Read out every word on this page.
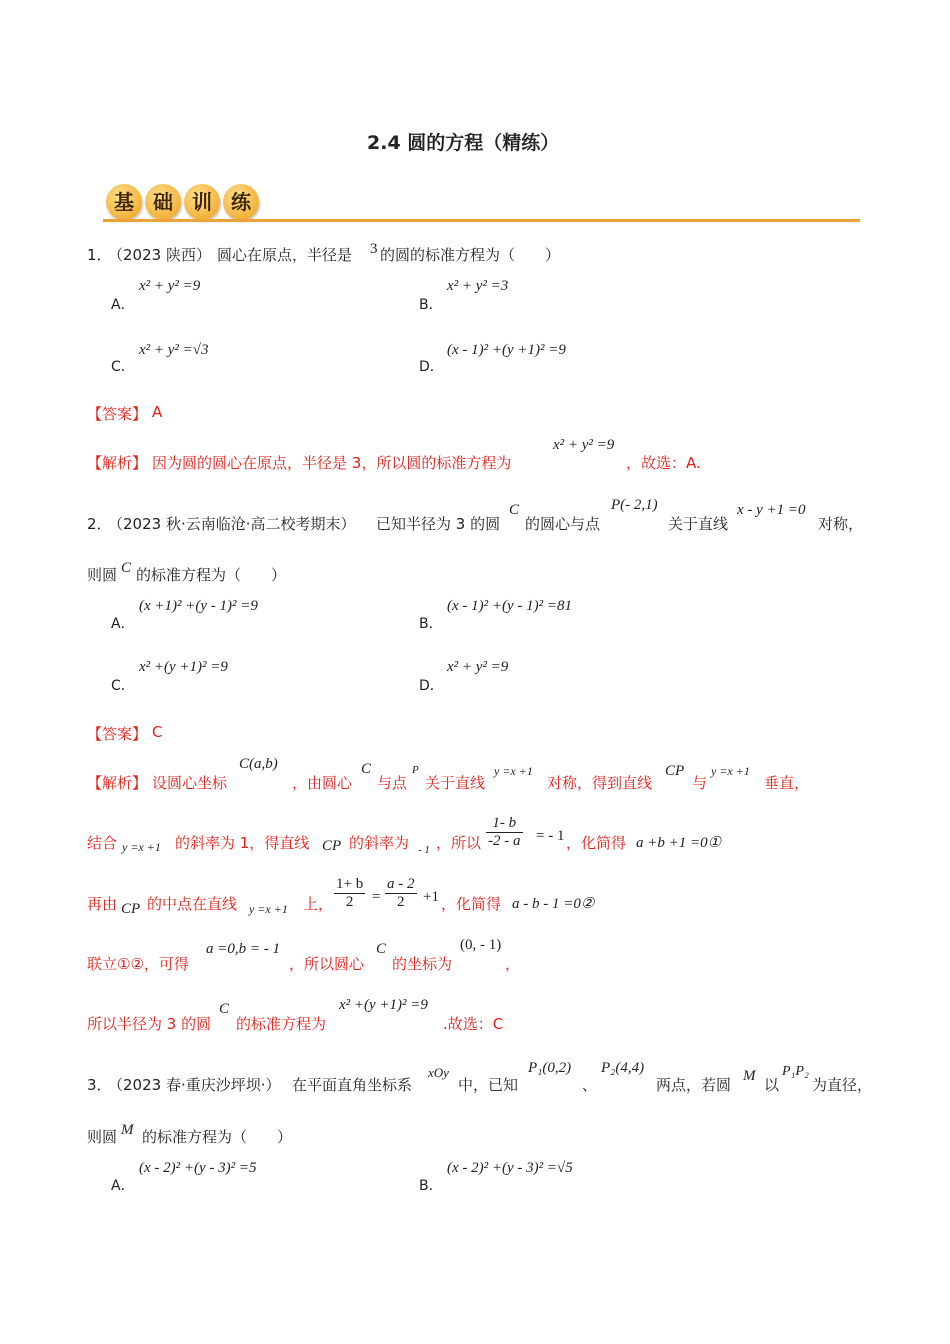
2.4 圆的方程（精练）
基 础 训 练
1．
（2023 陕西） 圆心在原点，半径是 3 的圆的标准方程为（　　）
A．
x² + y² =9
B．
x² + y² =3
C．
x² + y² =√3
D．
(x - 1)² +(y +1)² =9
【答案】 A
【解析】 因为圆的圆心在原点，半径是 3，所以圆的标准方程为
x² + y² =9
，故选：A.
2．
（2023 秋·云南临沧·高二校考期末） 已知半径为 3 的圆
C
的圆心与点
P(- 2,1)
关于直线
x - y +1 =0
对称，
则圆 C 的标准方程为（　　）
A．
(x +1)² +(y - 1)² =9
B．
(x - 1)² +(y - 1)² =81
C．
x² +(y +1)² =9
D．
x² + y² =9
【答案】 C
【解析】 设圆心坐标
C(a,b)
，由圆心
C
与点
P
关于直线
y =x +1
对称，得到直线
CP
与
y =x +1
垂直，
结合 y =x +1 的斜率为 1，得直线 CP 的斜率为 - 1 ，所以 $\frac{1- b}{-2 - a}$ = - 1 ，化简得 a +b +1 =0①
再由 CP 的中点在直线 y =x +1 上， $\frac{1+ b}{2} = \frac{a - 2}{2} +1$ ，化简得 a - b - 1 =0②
联立①②，可得
a =0,b = - 1
，所以圆心
C
的坐标为
(0, - 1)
，
所以半径为 3 的圆
C
的标准方程为
x² +(y +1)² =9
.故选：C
3．
（2023 春·重庆沙坪坝·） 在平面直角坐标系
xOy
中，已知
P₁(0,2)
、
P₂(4,4)
两点，若圆 M 以
P₁P₂
为直径，
则圆 M 的标准方程为（　　）
A．
(x - 2)² +(y - 3)² =5
B．
(x - 2)² +(y - 3)² =√5
